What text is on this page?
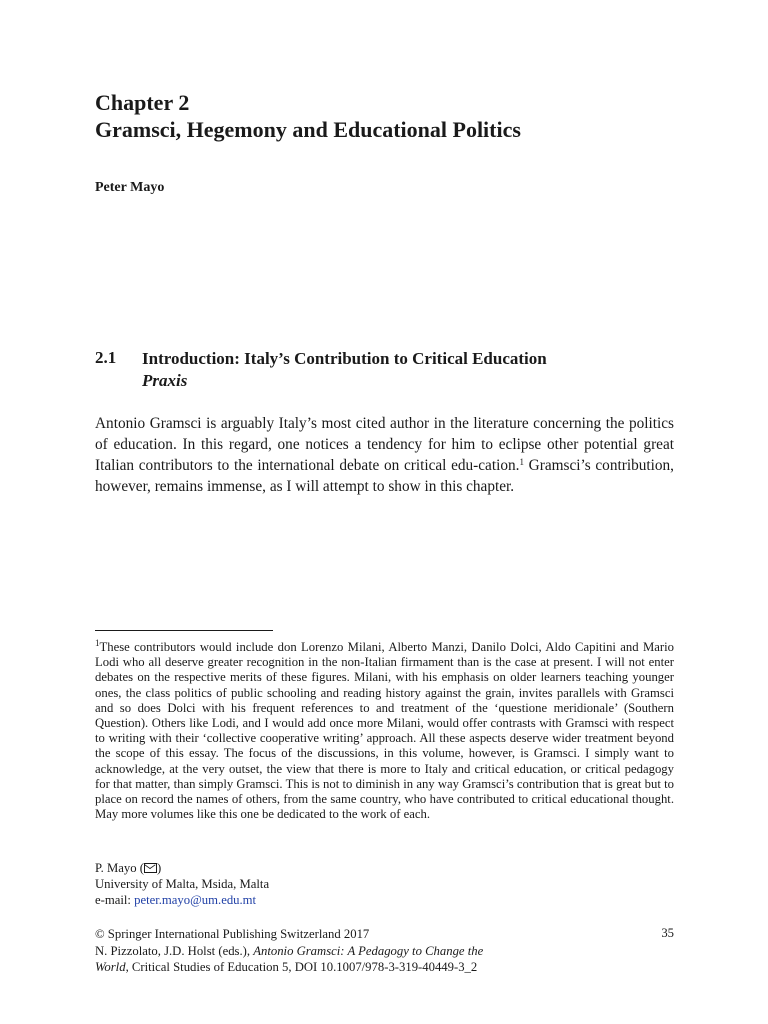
Chapter 2
Gramsci, Hegemony and Educational Politics
Peter Mayo
2.1 Introduction: Italy’s Contribution to Critical Education
Praxis
Antonio Gramsci is arguably Italy’s most cited author in the literature concerning the politics of education. In this regard, one notices a tendency for him to eclipse other potential great Italian contributors to the international debate on critical edu-cation.$^1$ Gramsci’s contribution, however, remains immense, as I will attempt to show in this chapter.
$^1$These contributors would include don Lorenzo Milani, Alberto Manzi, Danilo Dolci, Aldo Capitini and Mario Lodi who all deserve greater recognition in the non-Italian firmament than is the case at present. I will not enter debates on the respective merits of these figures. Milani, with his emphasis on older learners teaching younger ones, the class politics of public schooling and reading history against the grain, invites parallels with Gramsci and so does Dolci with his frequent references to and treatment of the ‘questione meridionale’ (Southern Question). Others like Lodi, and I would add once more Milani, would offer contrasts with Gramsci with respect to writing with their ‘collective cooperative writing’ approach. All these aspects deserve wider treatment beyond the scope of this essay. The focus of the discussions, in this volume, however, is Gramsci. I simply want to acknowledge, at the very outset, the view that there is more to Italy and critical education, or critical pedagogy for that matter, than simply Gramsci. This is not to diminish in any way Gramsci’s contribution that is great but to place on record the names of others, from the same country, who have contributed to critical educational thought. May more volumes like this one be dedicated to the work of each.
P. Mayo ( )
University of Malta, Msida, Malta
e-mail: peter.mayo@um.edu.mt
© Springer International Publishing Switzerland 2017
N. Pizzolato, J.D. Holst (eds.), Antonio Gramsci: A Pedagogy to Change the
World, Critical Studies of Education 5, DOI 10.1007/978-3-319-40449-3_2
35
